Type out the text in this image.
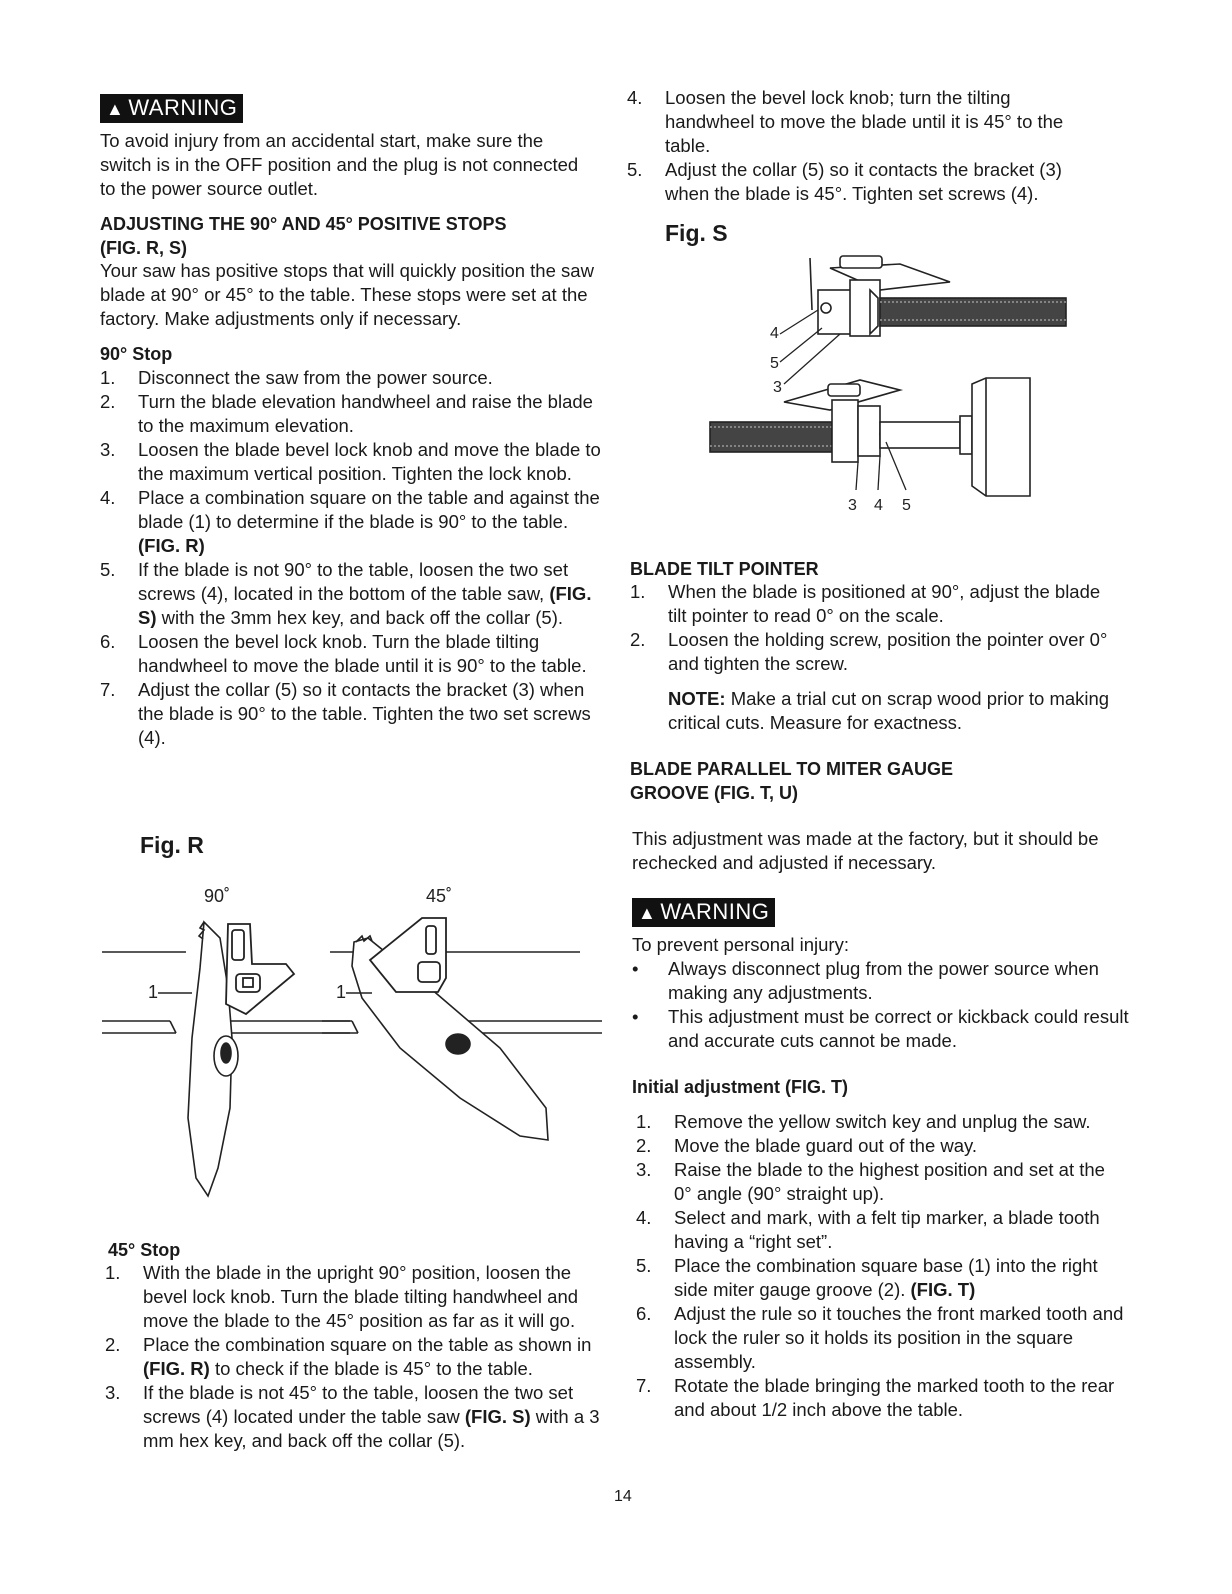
▲ WARNING

To avoid injury from an accidental start, make sure the switch is in the OFF position and the plug is not connected to the power source outlet.

ADJUSTING THE 90° AND 45° POSITIVE STOPS

(FIG. R, S)

Your saw has positive stops that will quickly position the saw blade at 90° or 45° to the table. These stops were set at the factory. Make adjustments only if necessary.

90° Stop

1. Disconnect the saw from the power source.
2. Turn the blade elevation handwheel and raise the blade to the maximum elevation.
3. Loosen the blade bevel lock knob and move the blade to the maximum vertical position. Tighten the lock knob.
4. Place a combination square on the table and against the blade (1) to determine if the blade is 90° to the table. (FIG. R)
5. If the blade is not 90° to the table, loosen the two set screws (4), located in the bottom of the table saw, (FIG. S) with the 3mm hex key, and back off the collar (5).
6. Loosen the bevel lock knob. Turn the blade tilting handwheel to move the blade until it is 90° to the table.
7. Adjust the collar (5) so it contacts the bracket (3) when the blade is 90° to the table. Tighten the two set screws (4).
Fig. R
90˚	45˚
1	1

45° Stop

1. With the blade in the upright 90° position, loosen the bevel lock knob. Turn the blade tilting handwheel and move the blade to the 45° position as far as it will go.
2. Place the combination square on the table as shown in (FIG. R) to check if the blade is 45° to the table.
3. If the blade is not 45° to the table, loosen the two set screws (4) located under the table saw (FIG. S) with a 3 mm hex key, and back off the collar (5).
4. Loosen the bevel lock knob; turn the tilting handwheel to move the blade until it is 45° to the table.
5. Adjust the collar (5) so it contacts the bracket (3) when the blade is 45°. Tighten set screws (4).
Fig. S
4
5
3
3 4 5

BLADE TILT POINTER

1. When the blade is positioned at 90°, adjust the blade tilt pointer to read 0° on the scale.
2. Loosen the holding screw, position the pointer over 0° and tighten the screw.

NOTE: Make a trial cut on scrap wood prior to making critical cuts. Measure for exactness.

BLADE PARALLEL TO MITER GAUGE

GROOVE (FIG. T, U)

This adjustment was made at the factory, but it should be rechecked and adjusted if necessary.

▲ WARNING

To prevent personal injury:

• Always disconnect plug from the power source when making any adjustments.
• This adjustment must be correct or kickback could result and accurate cuts cannot be made.

Initial adjustment (FIG. T)

1. Remove the yellow switch key and unplug the saw.
2. Move the blade guard out of the way.
3. Raise the blade to the highest position and set at the 0° angle (90° straight up).
4. Select and mark, with a felt tip marker, a blade tooth having a “right set”.
5. Place the combination square base (1) into the right side miter gauge groove (2). (FIG. T)
6. Adjust the rule so it touches the front marked tooth and lock the ruler so it holds its position in the square assembly.
7. Rotate the blade bringing the marked tooth to the rear and about 1/2 inch above the table.
14
